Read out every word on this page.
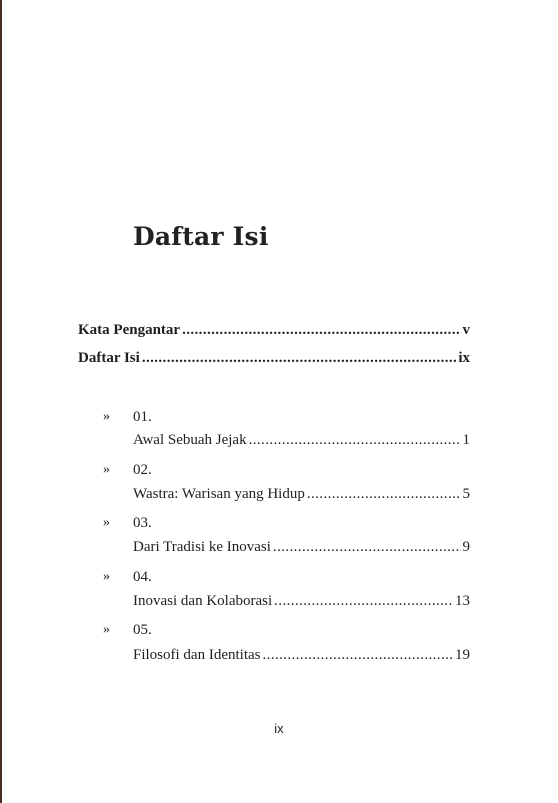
Daftar Isi
Kata Pengantar .....	v
Daftar Isi .....	ix
» 01.
Awal Sebuah Jejak .....	1
» 02.
Wastra: Warisan yang Hidup .....	5
» 03.
Dari Tradisi ke Inovasi .....	9
» 04.
Inovasi dan Kolaborasi .....	13
» 05.
Filosofi dan Identitas .....	19
ix
